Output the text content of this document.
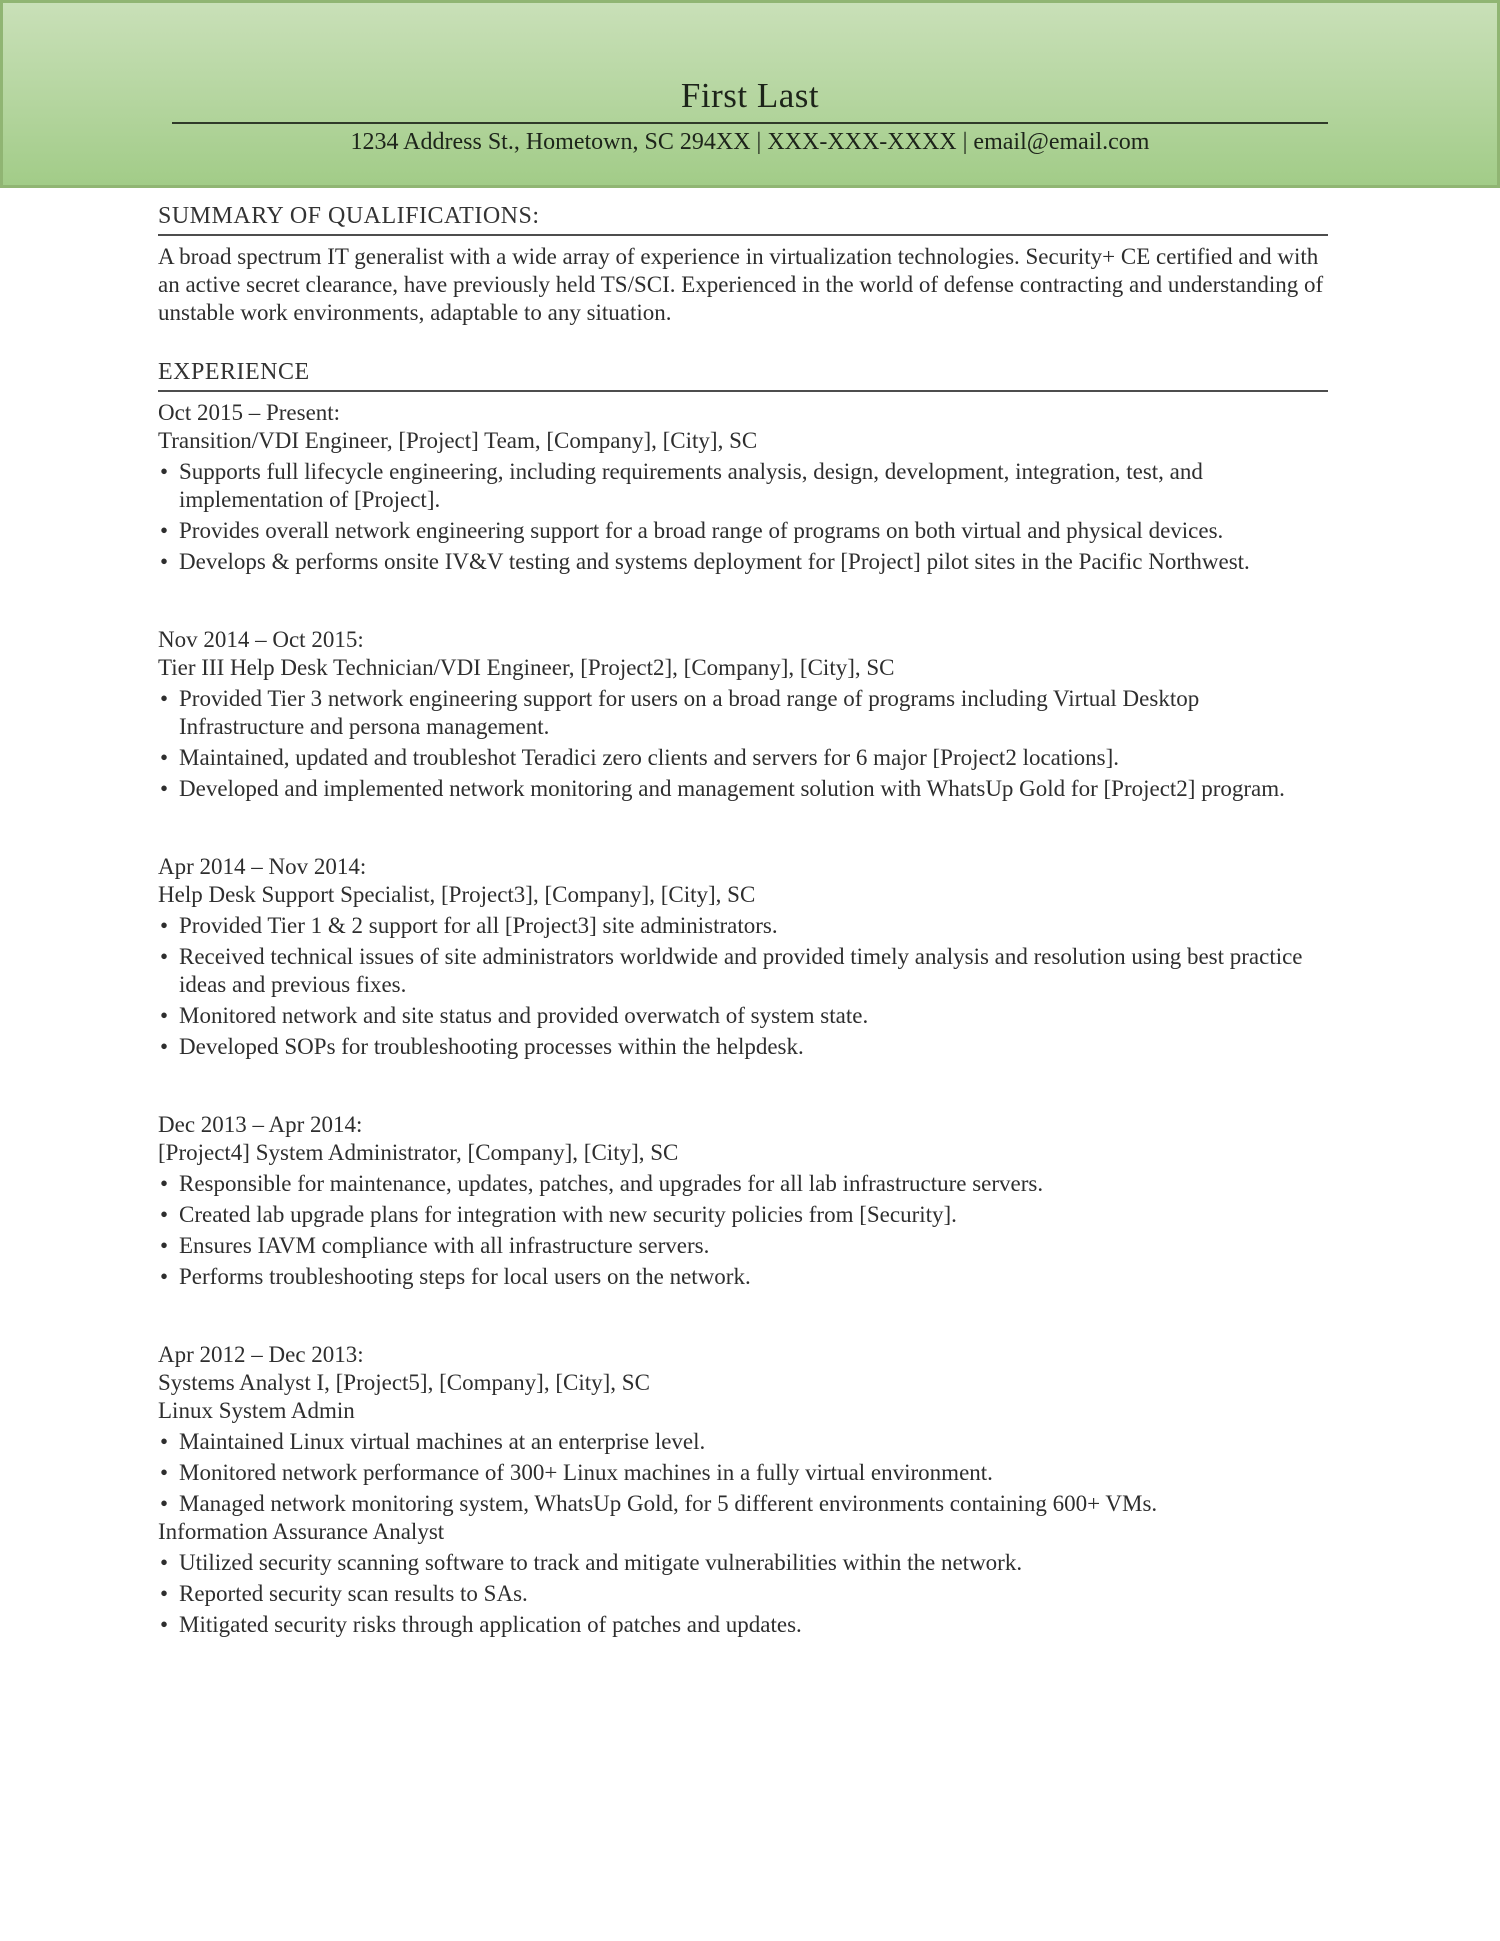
First Last
1234 Address St., Hometown, SC 294XX | XXX-XXX-XXXX | email@email.com
SUMMARY OF QUALIFICATIONS:

A broad spectrum IT generalist with a wide array of experience in virtualization technologies. Security+ CE certified and with an active secret clearance, have previously held TS/SCI. Experienced in the world of defense contracting and understanding of unstable work environments, adaptable to any situation.

EXPERIENCE
Oct 2015 – Present:
Transition/VDI Engineer, [Project] Team, [Company], [City], SC
• Supports full lifecycle engineering, including requirements analysis, design, development, integration, test, and implementation of [Project].
• Provides overall network engineering support for a broad range of programs on both virtual and physical devices.
• Develops & performs onsite IV&V testing and systems deployment for [Project] pilot sites in the Pacific Northwest.
Nov 2014 – Oct 2015:
Tier III Help Desk Technician/VDI Engineer, [Project2], [Company], [City], SC
• Provided Tier 3 network engineering support for users on a broad range of programs including Virtual Desktop Infrastructure and persona management.
• Maintained, updated and troubleshot Teradici zero clients and servers for 6 major [Project2 locations].
• Developed and implemented network monitoring and management solution with WhatsUp Gold for [Project2] program.
Apr 2014 – Nov 2014:
Help Desk Support Specialist, [Project3], [Company], [City], SC
• Provided Tier 1 & 2 support for all [Project3] site administrators.
• Received technical issues of site administrators worldwide and provided timely analysis and resolution using best practice ideas and previous fixes.
• Monitored network and site status and provided overwatch of system state.
• Developed SOPs for troubleshooting processes within the helpdesk.
Dec 2013 – Apr 2014:
[Project4] System Administrator, [Company], [City], SC
• Responsible for maintenance, updates, patches, and upgrades for all lab infrastructure servers.
• Created lab upgrade plans for integration with new security policies from [Security].
• Ensures IAVM compliance with all infrastructure servers.
• Performs troubleshooting steps for local users on the network.
Apr 2012 – Dec 2013:
Systems Analyst I, [Project5], [Company], [City], SC
Linux System Admin
• Maintained Linux virtual machines at an enterprise level.
• Monitored network performance of 300+ Linux machines in a fully virtual environment.
• Managed network monitoring system, WhatsUp Gold, for 5 different environments containing 600+ VMs.
Information Assurance Analyst
• Utilized security scanning software to track and mitigate vulnerabilities within the network.
• Reported security scan results to SAs.
• Mitigated security risks through application of patches and updates.
